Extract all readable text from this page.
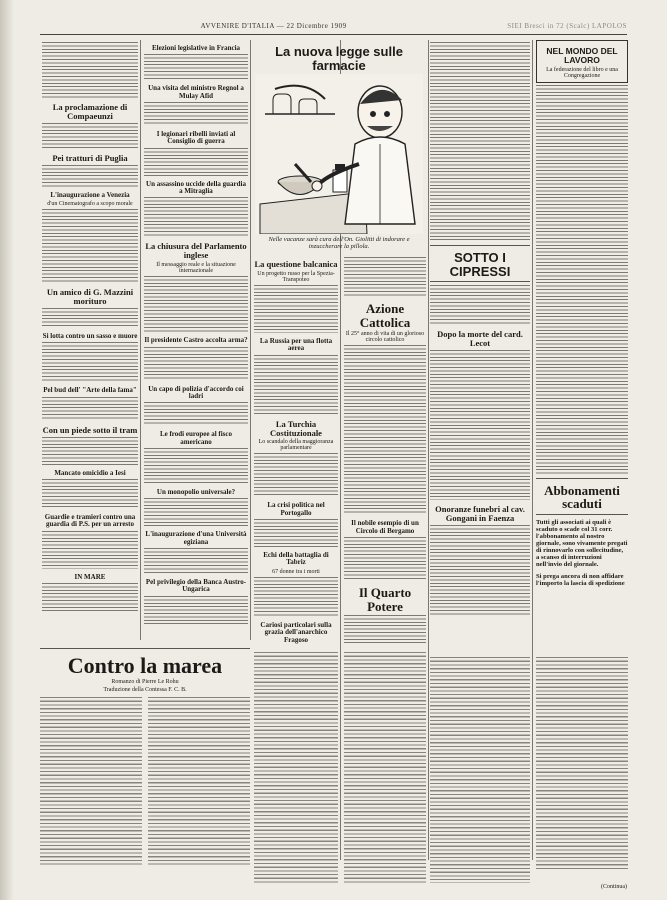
AVVENIRE D'ITALIA — 22 Dicembre 1909	SIEI Bresci in 72 (Scalc) LAPOLOS
La proclamazione di Compaeunzi
Pei tratturi di Puglia
L'inaugurazione a Venezia
d'un Cinematografo a scopo morale
Un amico di G. Mazzini morituro
Si lotta contro un sasso e muore
Pel bud dell' "Arte della fama"
Con un piede sotto il tram
Mancato omicidio a Iesi
Guardie e tramieri contro una guardia di P.S. per un arresto
IN MARE
Elezioni legislative in Francia
Una visita del ministro Regnol a Mulay Afid
I legionari ribelli inviati al Consiglio di guerra
Un assassino uccide della guardia a Mitraglia
La chiusura del Parlamento inglese
Il messaggio reale e la situazione internazionale
Il presidente Castro accolta arma?
Un capo di polizia d'accordo coi ladri
Le frodi europee al fisco americano
Un monopolio universale?
L'inaugurazione d'una Università egiziana
Pel privilegio della Banca Austro-Ungarica
La nuova legge sulle farmacie
Nelle vacanze sarà cura dell'On. Giolitti di indorare e inzuccherare la pillola.
La questione balcanica
Un progetto russo per la Spezia-Transpoteo
La Russia per una flotta aerea
La Turchia Costituzionale
Lo scandalo della maggioranza parlamentare
La crisi politica nel Portogallo
Echi della battaglia di Tabriz
67 donne tra i morti
Cariosi particolari sulla grazia dell'anarchico Fragoso
Azione Cattolica
Il 25° anno di vita di un glorioso circolo cattolico
Il nobile esempio di un Circolo di Bergamo
Il Quarto Potere
SOTTO I CIPRESSI
Dopo la morte del card. Lecot
Onoranze funebri al cav. Gongani in Faenza
NEL MONDO DEL LAVORO
La federazione del libro e una Congregazione
Abbonamenti scaduti
Tutti gli associati ai quali è scaduto o scade col 31 corr. l'abbonamento al nostro giornale, sono vivamente pregati di rinnovarlo con sollecitudine, a scanso di interruzioni nell'invio del giornale.
Si prega ancora di non affidare l'importo la lascia di spedizione
Contro la marea
Romanzo di Pierre Le Rohu
Traduzione della Contessa F. C. B.
(Continua)
